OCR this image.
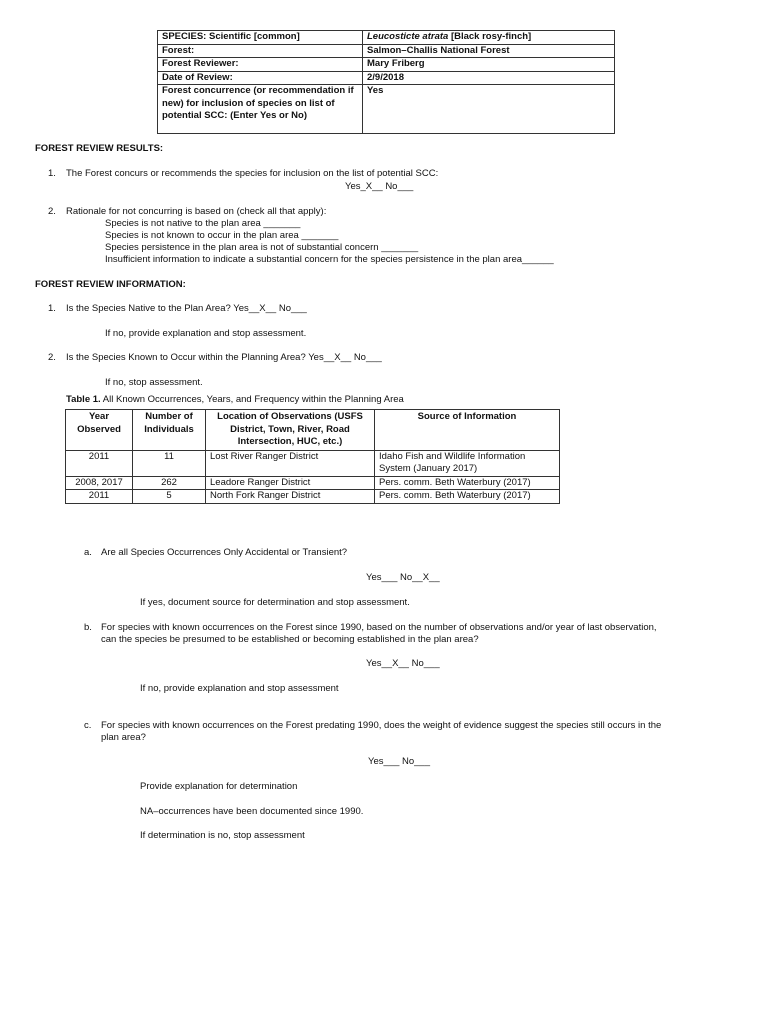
SPECIES: Scientific [common]	Leucosticte atrata [Black rosy-finch]
Forest:	Salmon–Challis National Forest
Forest Reviewer:	Mary Friberg
Date of Review:	2/9/2018
Forest concurrence (or recommendation if new) for inclusion of species on list of potential SCC: (Enter Yes or No)	Yes
FOREST REVIEW RESULTS:
1. The Forest concurs or recommends the species for inclusion on the list of potential SCC:
Yes_X__ No___
2. Rationale for not concurring is based on (check all that apply):
Species is not native to the plan area _______
Species is not known to occur in the plan area _______
Species persistence in the plan area is not of substantial concern _______
Insufficient information to indicate a substantial concern for the species persistence in the plan area______
FOREST REVIEW INFORMATION:
1. Is the Species Native to the Plan Area? Yes__X__ No___
If no, provide explanation and stop assessment.
2. Is the Species Known to Occur within the Planning Area? Yes__X__ No___
If no, stop assessment.
Table 1. All Known Occurrences, Years, and Frequency within the Planning Area
Year Observed	Number of Individuals	Location of Observations (USFS District, Town, River, Road Intersection, HUC, etc.)	Source of Information
2011	11	Lost River Ranger District	Idaho Fish and Wildlife Information System (January 2017)
2008, 2017	262	Leadore Ranger District	Pers. comm. Beth Waterbury (2017)
2011	5	North Fork Ranger District	Pers. comm. Beth Waterbury (2017)
a. Are all Species Occurrences Only Accidental or Transient?
Yes___ No__X__
If yes, document source for determination and stop assessment.
b. For species with known occurrences on the Forest since 1990, based on the number of observations and/or year of last observation,
can the species be presumed to be established or becoming established in the plan area?
Yes__X__ No___
If no, provide explanation and stop assessment
c. For species with known occurrences on the Forest predating 1990, does the weight of evidence suggest the species still occurs in the
plan area?
Yes___ No___
Provide explanation for determination
NA–occurrences have been documented since 1990.
If determination is no, stop assessment
